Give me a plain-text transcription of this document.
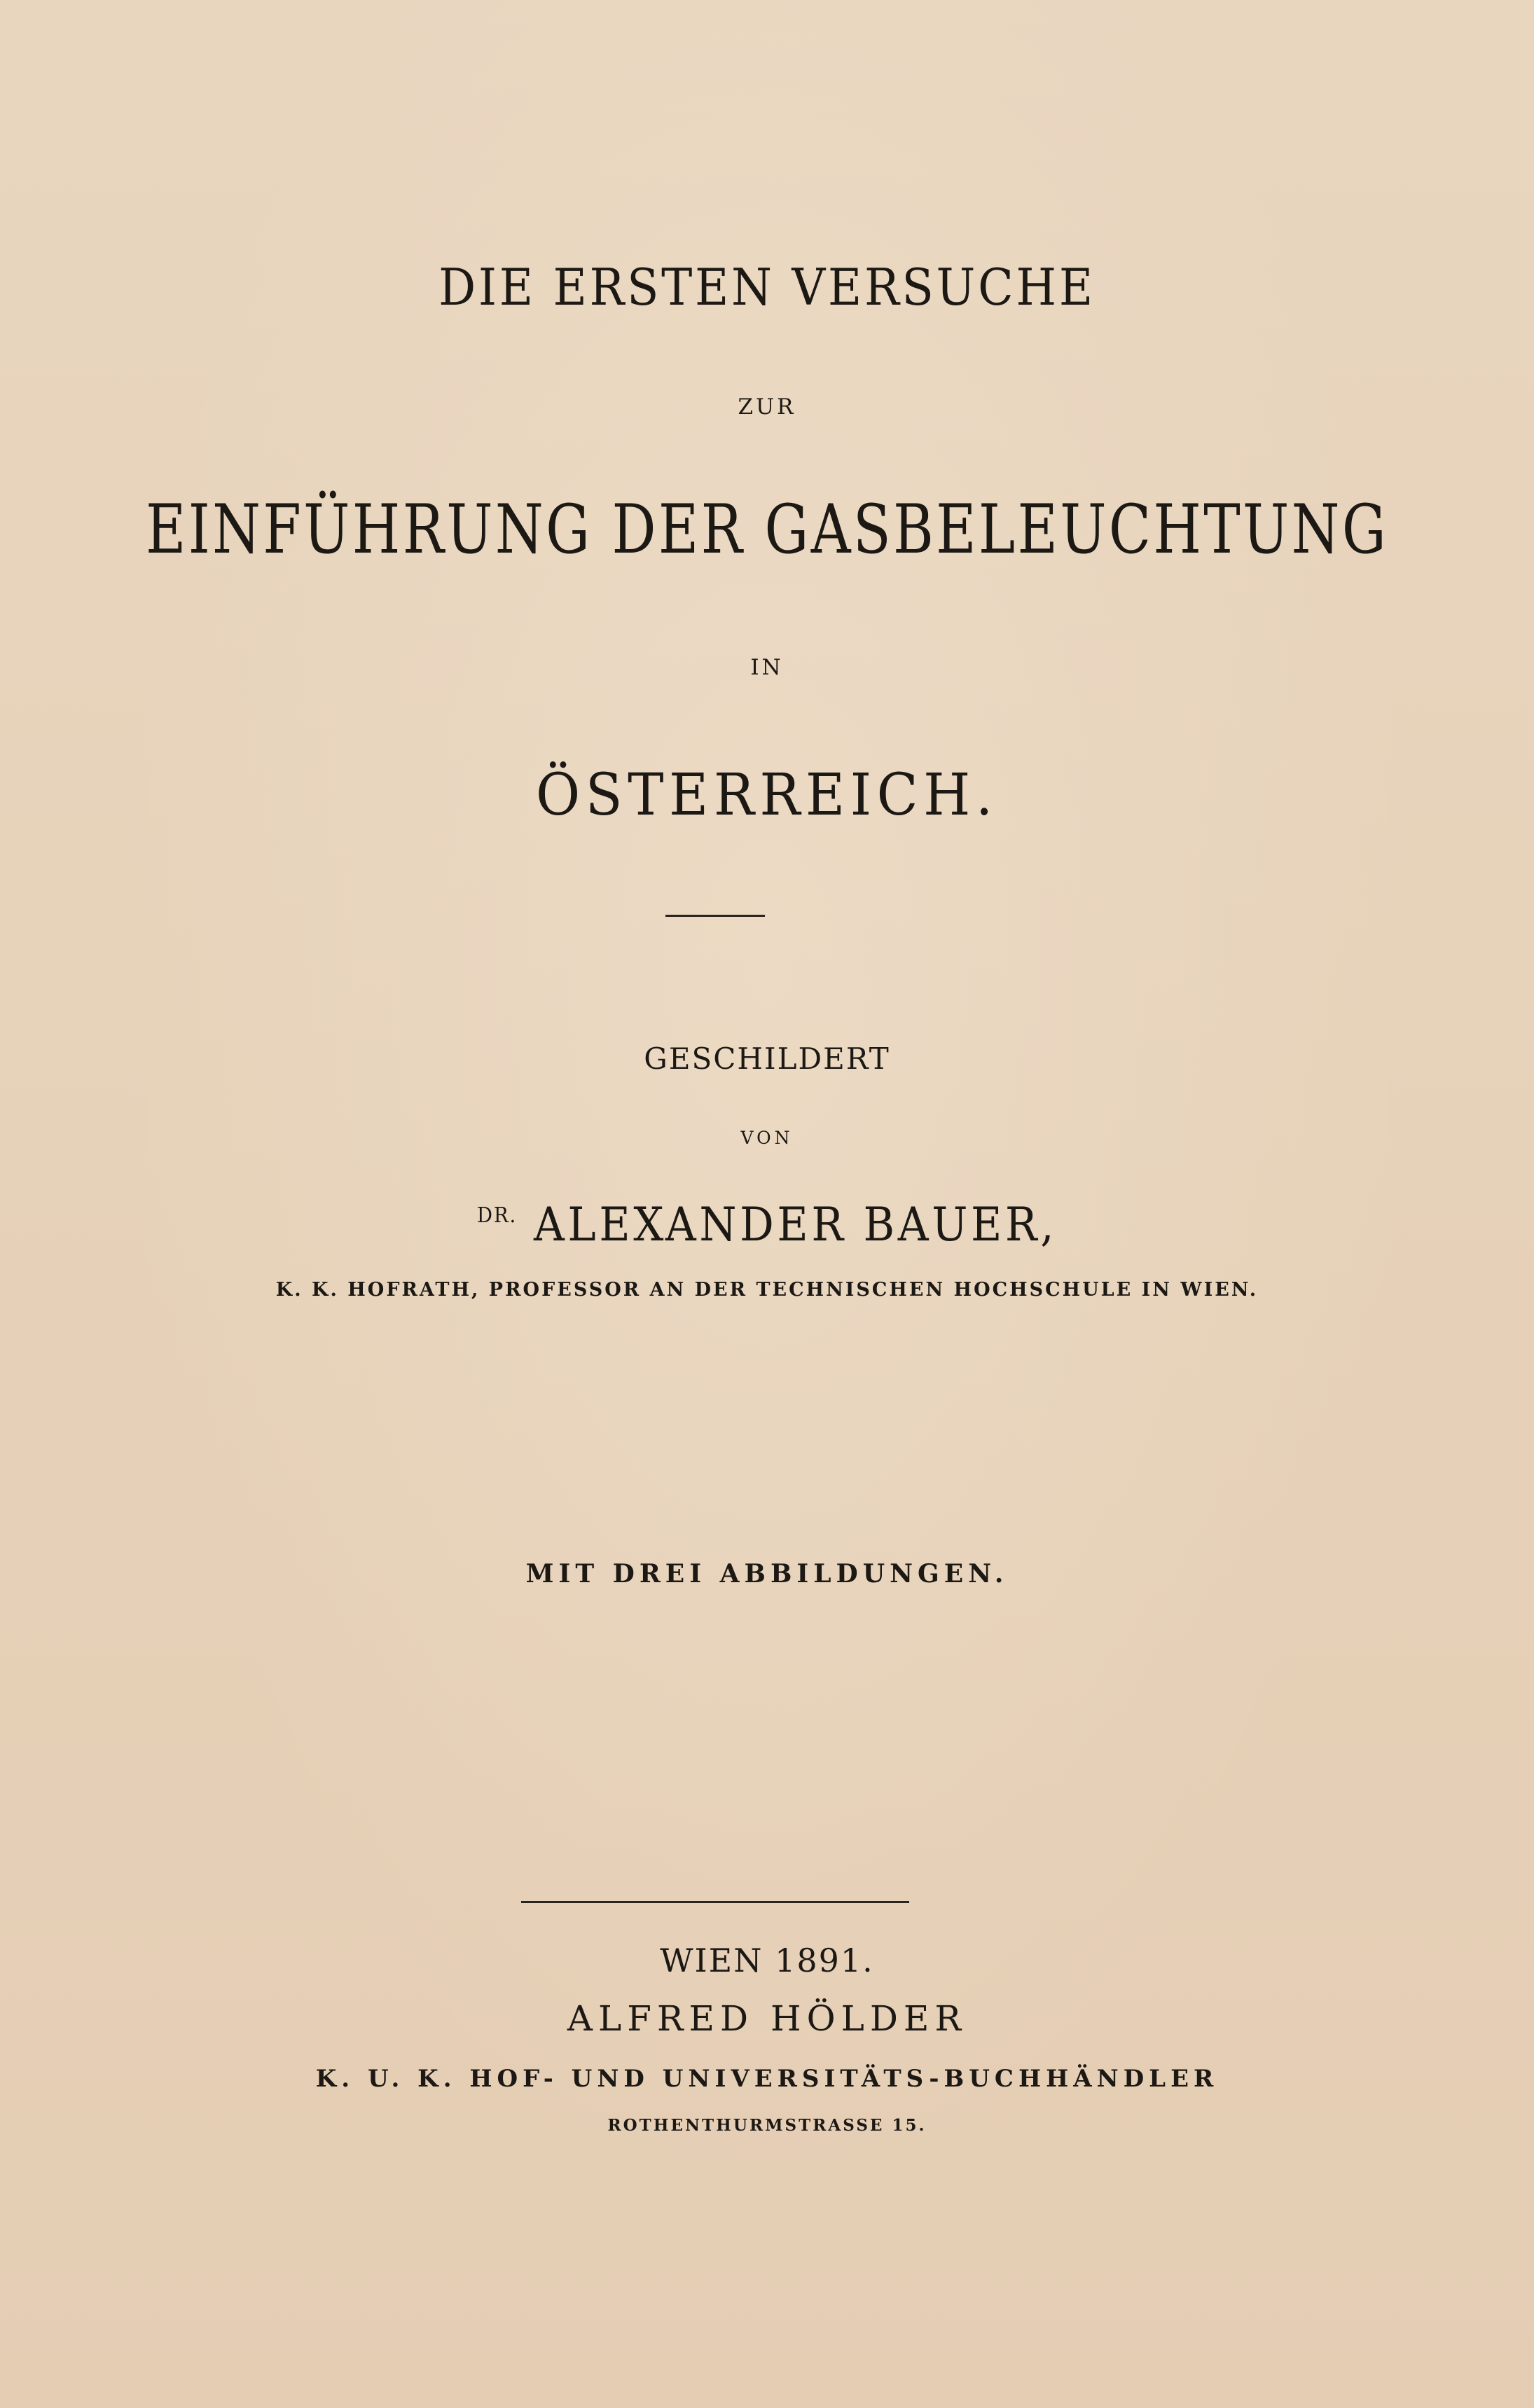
DIE ERSTEN VERSUCHE

ZUR

EINFÜHRUNG DER GASBELEUCHTUNG

IN

ÖSTERREICH.

GESCHILDERT

VON

$^{DR.}$ ALEXANDER BAUER,

K. K. HOFRATH, PROFESSOR AN DER TECHNISCHEN HOCHSCHULE IN WIEN.

MIT DREI ABBILDUNGEN.

WIEN 1891.

ALFRED HÖLDER

K. U. K. HOF- UND UNIVERSITÄTS-BUCHHÄNDLER

ROTHENTHURMSTRASSE 15.
